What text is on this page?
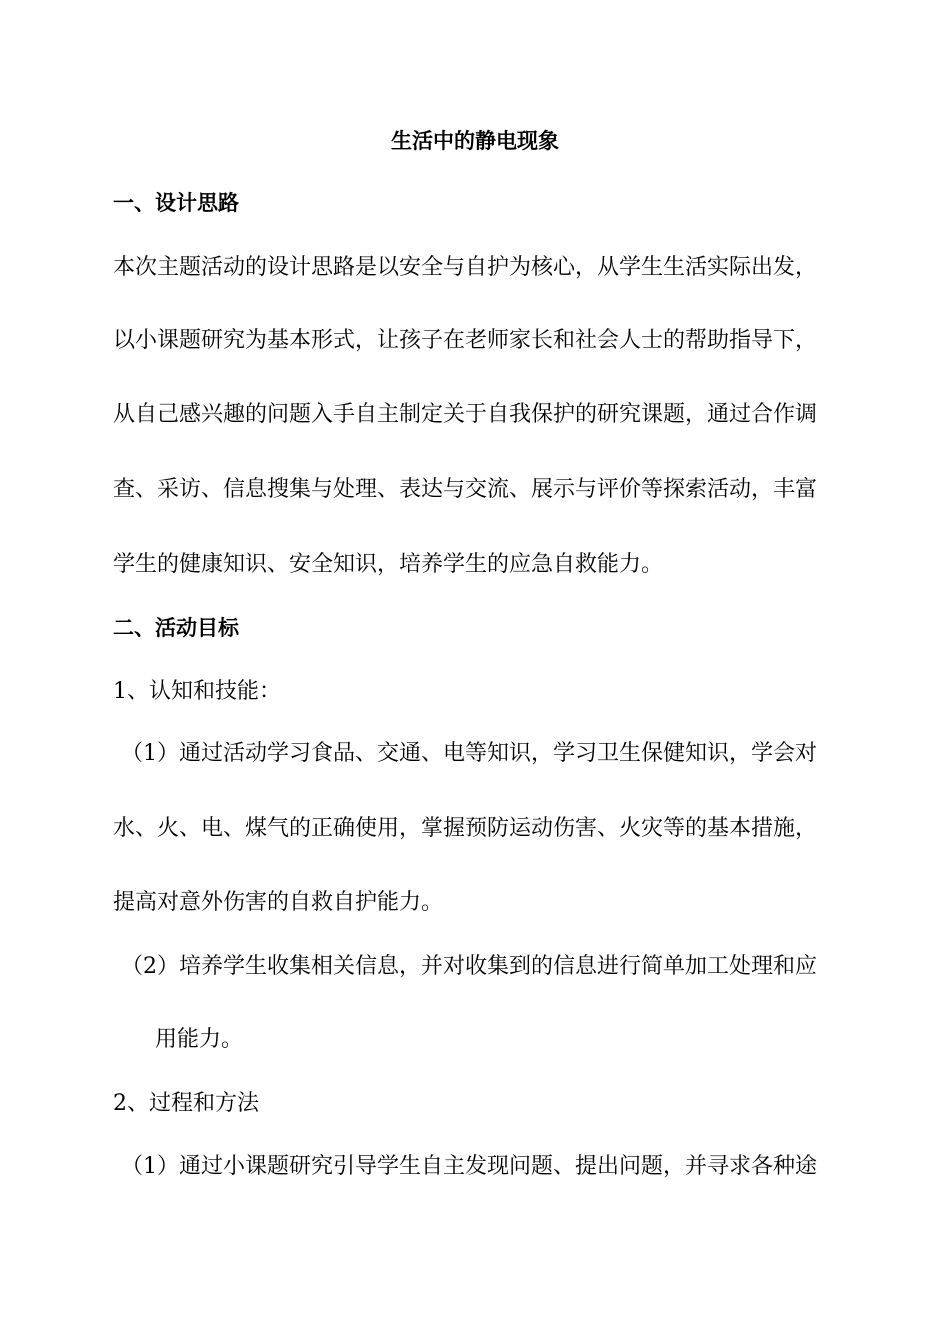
生活中的静电现象
一、设计思路
本次主题活动的设计思路是以安全与自护为核心，从学生生活实际出发，
以小课题研究为基本形式，让孩子在老师家长和社会人士的帮助指导下，
从自己感兴趣的问题入手自主制定关于自我保护的研究课题，通过合作调
查、采访、信息搜集与处理、表达与交流、展示与评价等探索活动，丰富
学生的健康知识、安全知识，培养学生的应急自救能力。
二、活动目标
1、认知和技能：
（1）通过活动学习食品、交通、电等知识，学习卫生保健知识，学会对
水、火、电、煤气的正确使用，掌握预防运动伤害、火灾等的基本措施，
提高对意外伤害的自救自护能力。
（2）培养学生收集相关信息，并对收集到的信息进行简单加工处理和应
用能力。
2、过程和方法
（1）通过小课题研究引导学生自主发现问题、提出问题，并寻求各种途
